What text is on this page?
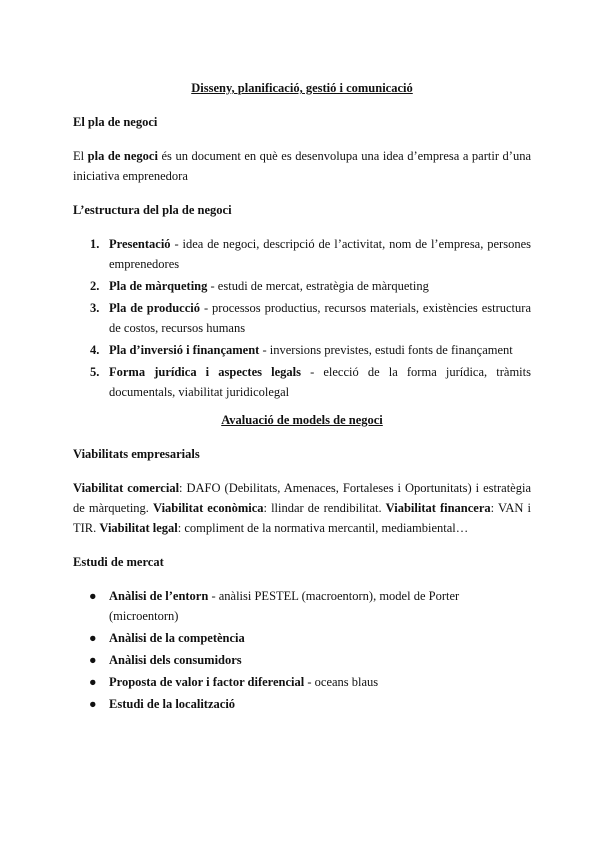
Disseny, planificació, gestió i comunicació
El pla de negoci

El pla de negoci és un document en què es desenvolupa una idea d’empresa a partir d’una iniciativa emprenedora

L’estructura del pla de negoci
1. Presentació - idea de negoci, descripció de l’activitat, nom de l’empresa, persones emprenedores
2. Pla de màrqueting - estudi de mercat, estratègia de màrqueting
3. Pla de producció - processos productius, recursos materials, existències estructura de costos, recursos humans
4. Pla d’inversió i finançament - inversions previstes, estudi fonts de finançament
5. Forma jurídica i aspectes legals - elecció de la forma jurídica, tràmits documentals, viabilitat juridicolegal
Avaluació de models de negoci
Viabilitats empresarials

Viabilitat comercial: DAFO (Debilitats, Amenaces, Fortaleses i Oportunitats) i estratègia de màrqueting. Viabilitat econòmica: llindar de rendibilitat. Viabilitat financera: VAN i TIR. Viabilitat legal: compliment de la normativa mercantil, mediambiental…

Estudi de mercat
● Anàlisi de l’entorn - anàlisi PESTEL (macroentorn), model de Porter (microentorn)
● Anàlisi de la competència
● Anàlisi dels consumidors
● Proposta de valor i factor diferencial - oceans blaus
● Estudi de la localització
